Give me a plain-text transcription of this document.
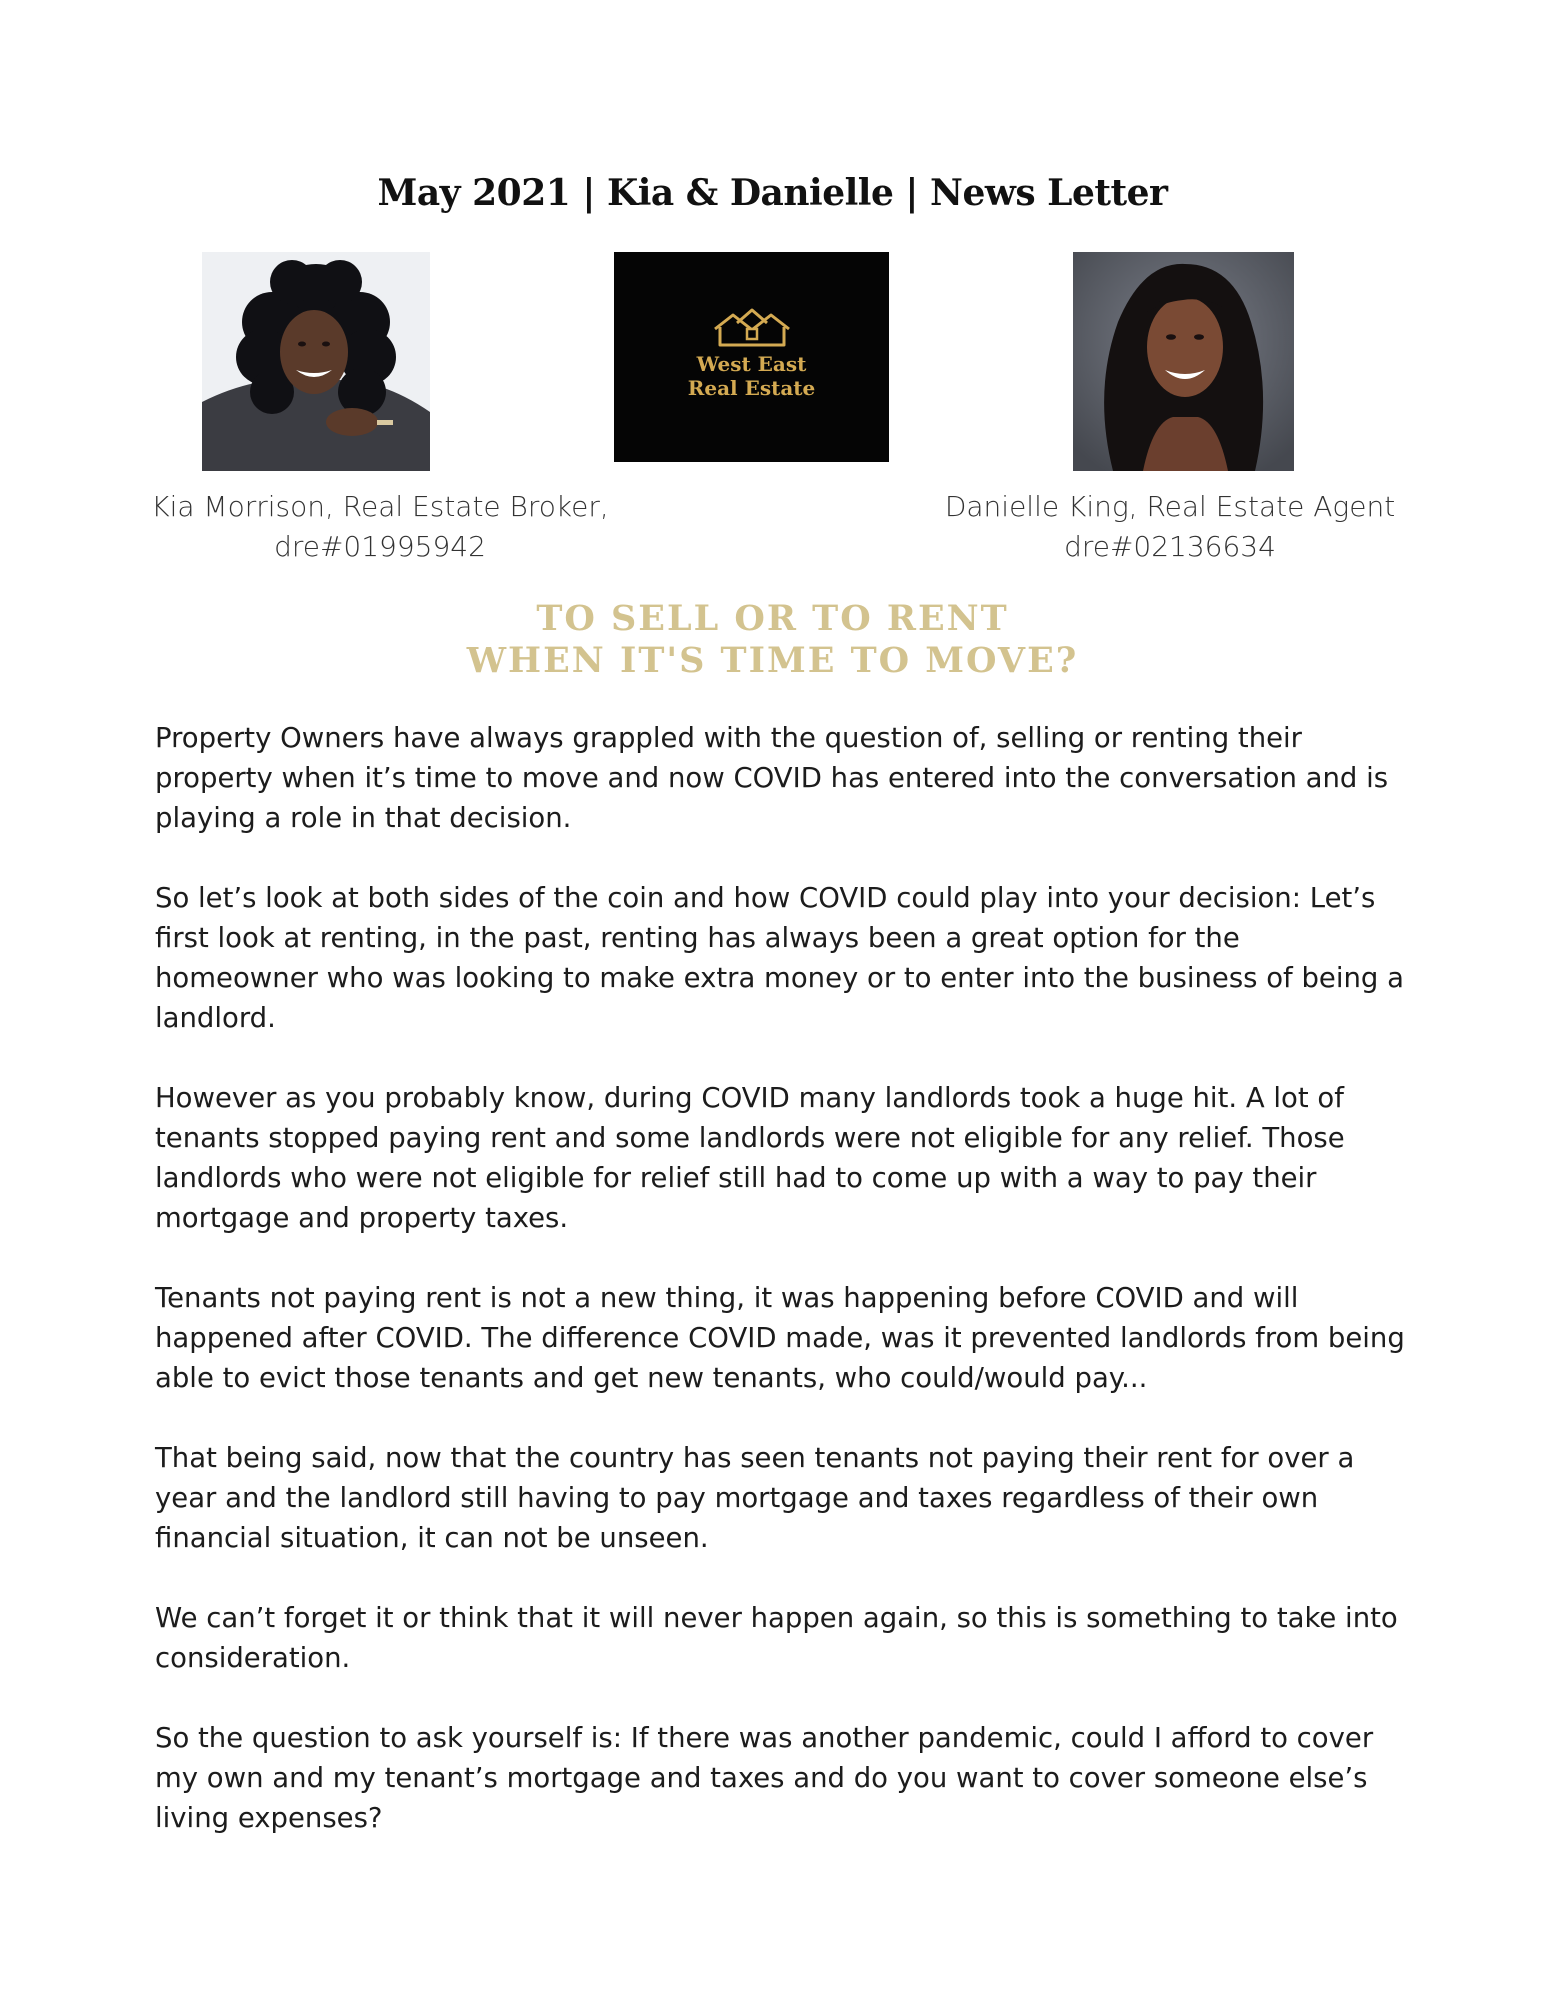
May 2021 | Kia & Danielle | News Letter
West East
Real Estate
Kia Morrison, Real Estate Broker,
dre#01995942
Danielle King, Real Estate Agent
dre#02136634
TO SELL OR TO RENT
WHEN IT'S TIME TO MOVE?

Property Owners have always grappled with the question of, selling or renting their property when it’s time to move and now COVID has entered into the conversation and is playing a role in that decision.

So let’s look at both sides of the coin and how COVID could play into your decision: Let’s first look at renting, in the past, renting has always been a great option for the homeowner who was looking to make extra money or to enter into the business of being a landlord.

However as you probably know, during COVID many landlords took a huge hit. A lot of tenants stopped paying rent and some landlords were not eligible for any relief. Those landlords who were not eligible for relief still had to come up with a way to pay their mortgage and property taxes.

Tenants not paying rent is not a new thing, it was happening before COVID and will happened after COVID. The difference COVID made, was it prevented landlords from being able to evict those tenants and get new tenants, who could/would pay...

That being said, now that the country has seen tenants not paying their rent for over a year and the landlord still having to pay mortgage and taxes regardless of their own financial situation, it can not be unseen.

We can’t forget it or think that it will never happen again, so this is something to take into consideration.

So the question to ask yourself is: If there was another pandemic, could I afford to cover my own and my tenant’s mortgage and taxes and do you want to cover someone else’s living expenses?
